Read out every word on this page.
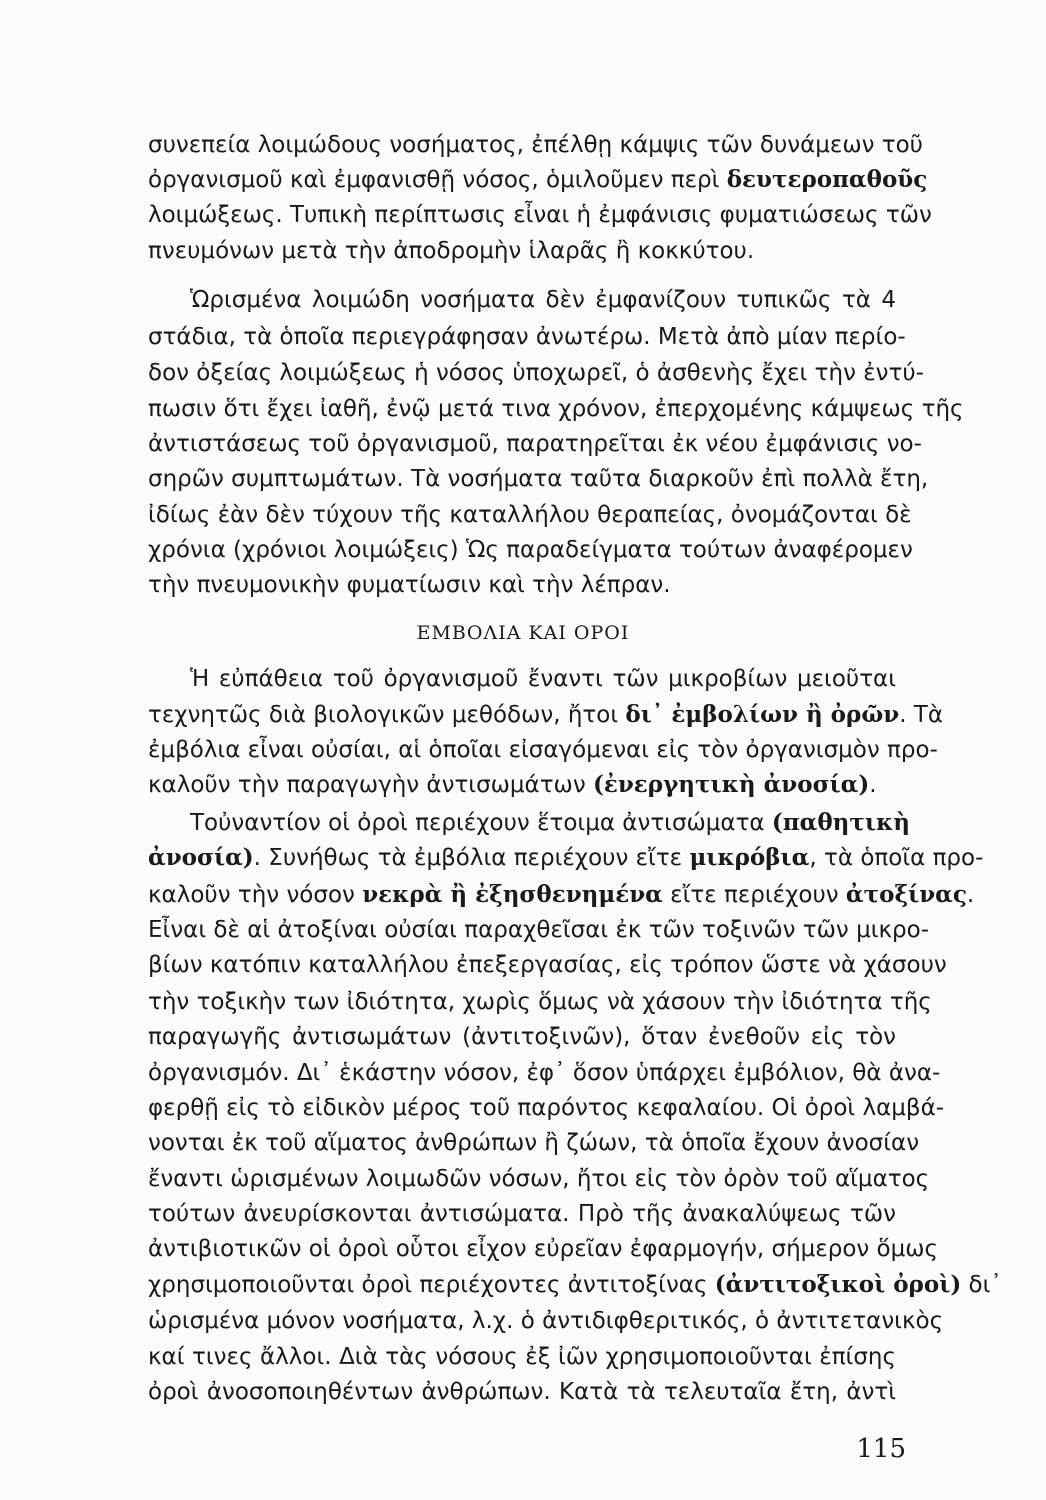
συνεπεία λοιμώδους νοσήματος, ἐπέλθῃ κάμψις τῶν δυνάμεων τοῦ
ὀργανισμοῦ καὶ ἐμφανισθῇ νόσος, ὁμιλοῦμεν περὶ δευτεροπαθοῦς
λοιμώξεως. Τυπικὴ περίπτωσις εἶναι ἡ ἐμφάνισις φυματιώσεως τῶν
πνευμόνων μετὰ τὴν ἀποδρομὴν ἱλαρᾶς ἢ κοκκύτου.
Ὡρισμένα λοιμώδη νοσήματα δὲν ἐμφανίζουν τυπικῶς τὰ 4
στάδια, τὰ ὁποῖα περιεγράφησαν ἀνωτέρω. Μετὰ ἀπὸ μίαν περίο-
δον ὀξείας λοιμώξεως ἡ νόσος ὑποχωρεῖ, ὁ ἀσθενὴς ἔχει τὴν ἐντύ-
πωσιν ὅτι ἔχει ἰαθῆ, ἐνῷ μετά τινα χρόνον, ἐπερχομένης κάμψεως τῆς
ἀντιστάσεως τοῦ ὀργανισμοῦ, παρατηρεῖται ἐκ νέου ἐμφάνισις νο-
σηρῶν συμπτωμάτων. Τὰ νοσήματα ταῦτα διαρκοῦν ἐπὶ πολλὰ ἔτη,
ἰδίως ἐὰν δὲν τύχουν τῆς καταλλήλου θεραπείας, ὀνομάζονται δὲ
χρόνια (χρόνιοι λοιμώξεις) Ὡς παραδείγματα τούτων ἀναφέρομεν
τὴν πνευμονικὴν φυματίωσιν καὶ τὴν λέπραν.
Ἡ εὐπάθεια τοῦ ὀργανισμοῦ ἔναντι τῶν μικροβίων μειοῦται
τεχνητῶς διὰ βιολογικῶν μεθόδων, ἤτοι δι᾽ ἐμβολίων ἢ ὀρῶν. Τὰ
ἐμβόλια εἶναι οὐσίαι, αἱ ὁποῖαι εἰσαγόμεναι εἰς τὸν ὀργανισμὸν προ-
καλοῦν τὴν παραγωγὴν ἀντισωμάτων (ἐνεργητικὴ ἀνοσία).
Τοὐναντίον οἱ ὀροὶ περιέχουν ἕτοιμα ἀντισώματα (παθητικὴ
ἀνοσία). Συνήθως τὰ ἐμβόλια περιέχουν εἴτε μικρόβια, τὰ ὁποῖα προ-
καλοῦν τὴν νόσον νεκρὰ ἢ ἐξησθενημένα εἴτε περιέχουν ἀτοξίνας.
Εἶναι δὲ αἱ ἀτοξίναι οὐσίαι παραχθεῖσαι ἐκ τῶν τοξινῶν τῶν μικρο-
βίων κατόπιν καταλλήλου ἐπεξεργασίας, εἰς τρόπον ὥστε νὰ χάσουν
τὴν τοξικὴν των ἰδιότητα, χωρὶς ὅμως νὰ χάσουν τὴν ἰδιότητα τῆς
παραγωγῆς ἀντισωμάτων (ἀντιτοξινῶν), ὅταν ἐνεθοῦν εἰς τὸν
ὀργανισμόν. Δι᾽ ἑκάστην νόσον, ἐφ᾽ ὅσον ὑπάρχει ἐμβόλιον, θὰ ἀνα-
φερθῇ εἰς τὸ εἰδικὸν μέρος τοῦ παρόντος κεφαλαίου. Οἱ ὀροὶ λαμβά-
νονται ἐκ τοῦ αἵματος ἀνθρώπων ἢ ζώων, τὰ ὁποῖα ἔχουν ἀνοσίαν
ἔναντι ὡρισμένων λοιμωδῶν νόσων, ἤτοι εἰς τὸν ὀρὸν τοῦ αἵματος
τούτων ἀνευρίσκονται ἀντισώματα. Πρὸ τῆς ἀνακαλύψεως τῶν
ἀντιβιοτικῶν οἱ ὀροὶ οὗτοι εἶχον εὐρεῖαν ἐφαρμογήν, σήμερον ὅμως
χρησιμοποιοῦνται ὀροὶ περιέχοντες ἀντιτοξίνας (ἀντιτοξικοὶ ὀροὶ) δι᾽
ὡρισμένα μόνον νοσήματα, λ.χ. ὁ ἀντιδιφθεριτικός, ὁ ἀντιτετανικὸς
καί τινες ἄλλοι. Διὰ τὰς νόσους ἐξ ἰῶν χρησιμοποιοῦνται ἐπίσης
ὀροὶ ἀνοσοποιηθέντων ἀνθρώπων. Κατὰ τὰ τελευταῖα ἔτη, ἀντὶ
ΕΜΒΟΛΙΑ ΚΑΙ ΟΡΟΙ
115
